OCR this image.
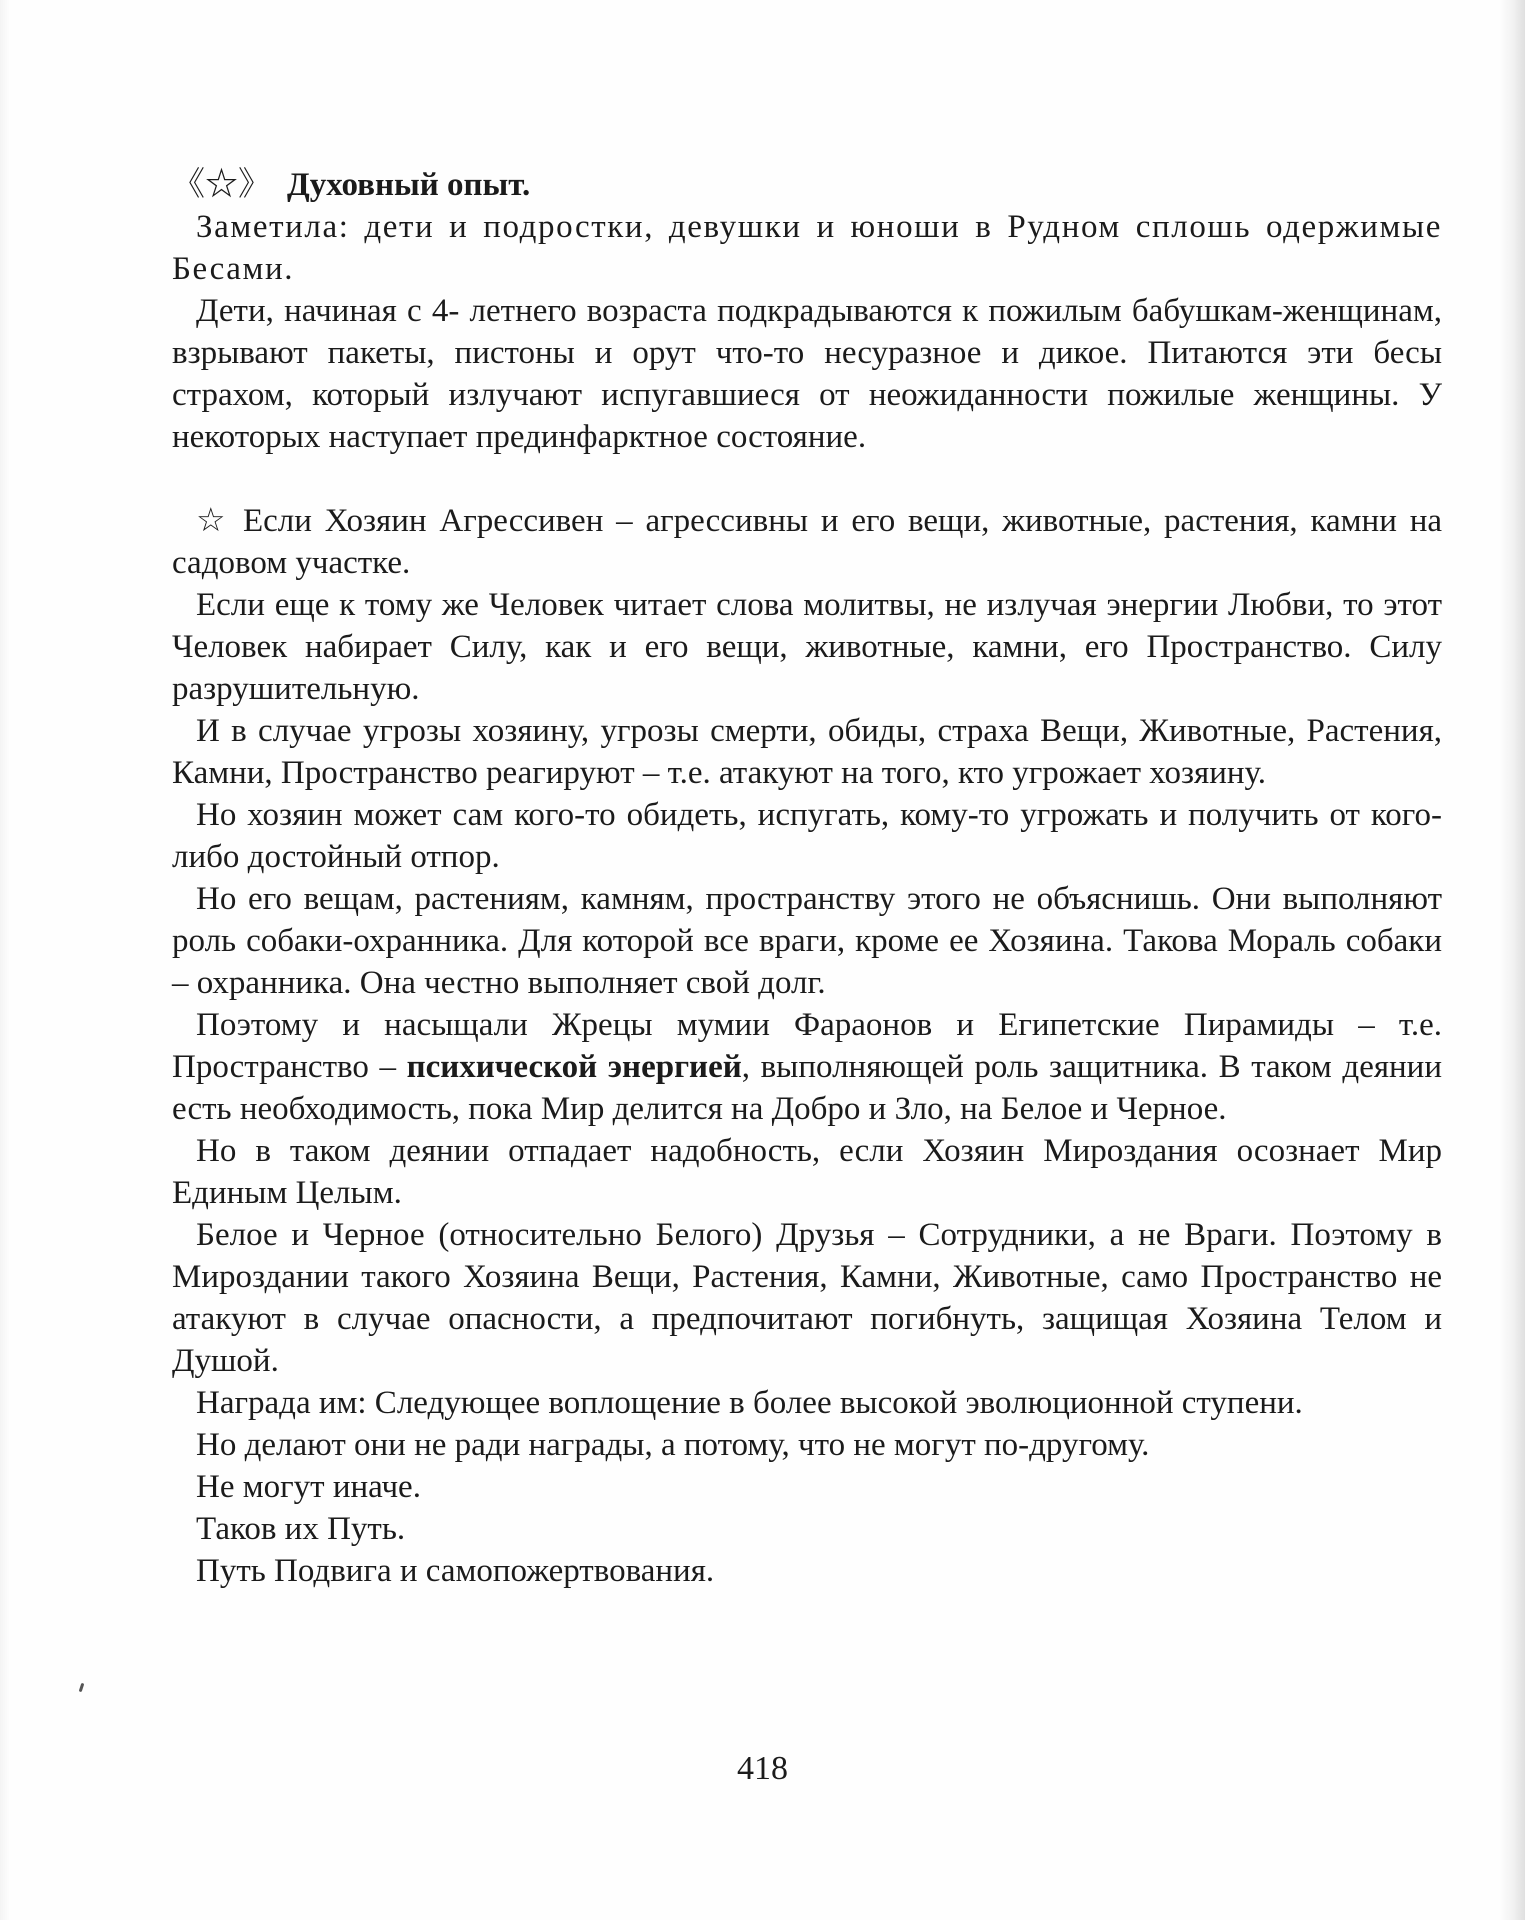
《☆》 Духовный опыт.

Заметила: дети и подростки, девушки и юноши в Рудном сплошь одержимые Бесами.

Дети, начиная с 4- летнего возраста подкрадываются к пожилым бабушкам-женщинам, взрывают пакеты, пистоны и орут что-то несуразное и дикое. Питаются эти бесы страхом, который излучают испугавшиеся от неожиданности пожилые женщины. У некоторых наступает прединфарктное состояние.

☆ Если Хозяин Агрессивен – агрессивны и его вещи, животные, растения, камни на садовом участке.

Если еще к тому же Человек читает слова молитвы, не излучая энергии Любви, то этот Человек набирает Силу, как и его вещи, животные, камни, его Пространство. Силу разрушительную.

И в случае угрозы хозяину, угрозы смерти, обиды, страха Вещи, Животные, Растения, Камни, Пространство реагируют – т.е. атакуют на того, кто угрожает хозяину.

Но хозяин может сам кого-то обидеть, испугать, кому-то угрожать и получить от кого-либо достойный отпор.

Но его вещам, растениям, камням, пространству этого не объяснишь. Они выполняют роль собаки-охранника. Для которой все враги, кроме ее Хозяина. Такова Мораль собаки – охранника. Она честно выполняет свой долг.

Поэтому и насыщали Жрецы мумии Фараонов и Египетские Пирамиды – т.е. Пространство – психической энергией, выполняющей роль защитника. В таком деянии есть необходимость, пока Мир делится на Добро и Зло, на Белое и Черное.

Но в таком деянии отпадает надобность, если Хозяин Мироздания осознает Мир Единым Целым.

Белое и Черное (относительно Белого) Друзья – Сотрудники, а не Враги. Поэтому в Мироздании такого Хозяина Вещи, Растения, Камни, Животные, само Пространство не атакуют в случае опасности, а предпочитают погибнуть, защищая Хозяина Телом и Душой.

Награда им: Следующее воплощение в более высокой эволюционной ступени.

Но делают они не ради награды, а потому, что не могут по-другому.

Не могут иначе.

Таков их Путь.

Путь Подвига и самопожертвования.

418
